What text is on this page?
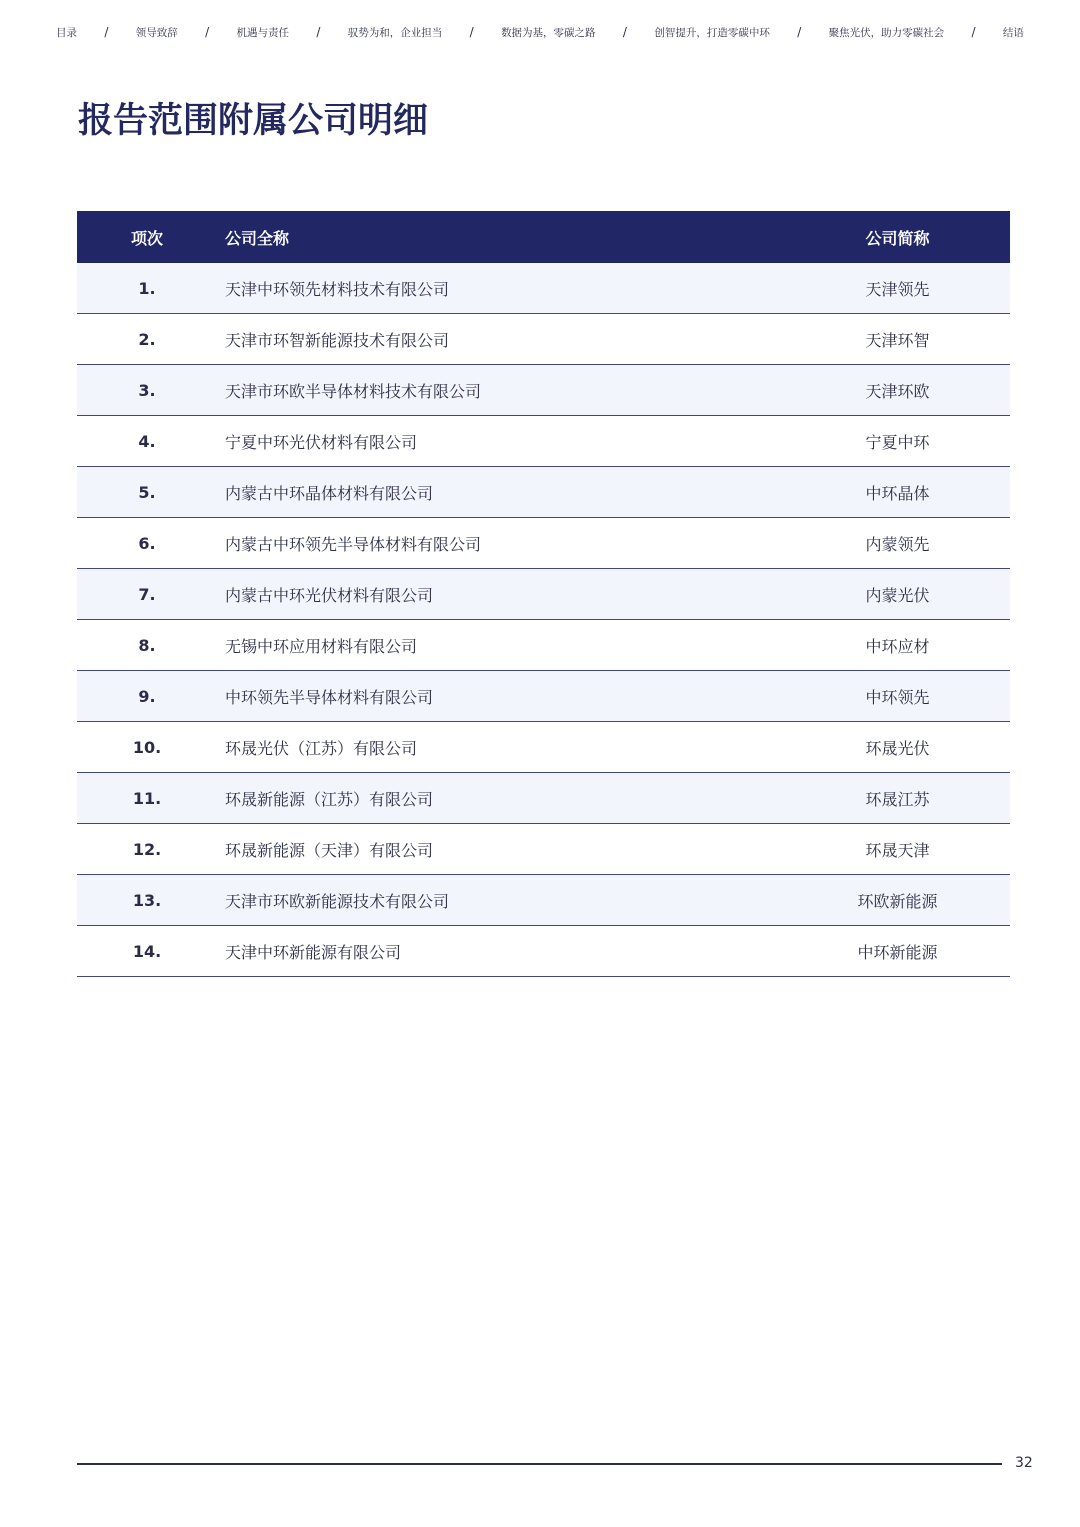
目录 /	领导致辞 /	机遇与责任 /	驭势为和，企业担当 /	数据为基，零碳之路 /	创智提升，打造零碳中环 /	聚焦光伏，助力零碳社会 /	结语
报告范围附属公司明细
项次	公司全称	公司简称
1.	天津中环领先材料技术有限公司	天津领先
2.	天津市环智新能源技术有限公司	天津环智
3.	天津市环欧半导体材料技术有限公司	天津环欧
4.	宁夏中环光伏材料有限公司	宁夏中环
5.	内蒙古中环晶体材料有限公司	中环晶体
6.	内蒙古中环领先半导体材料有限公司	内蒙领先
7.	内蒙古中环光伏材料有限公司	内蒙光伏
8.	无锡中环应用材料有限公司	中环应材
9.	中环领先半导体材料有限公司	中环领先
10.	环晟光伏（江苏）有限公司	环晟光伏
11.	环晟新能源（江苏）有限公司	环晟江苏
12.	环晟新能源（天津）有限公司	环晟天津
13.	天津市环欧新能源技术有限公司	环欧新能源
14.	天津中环新能源有限公司	中环新能源
32
